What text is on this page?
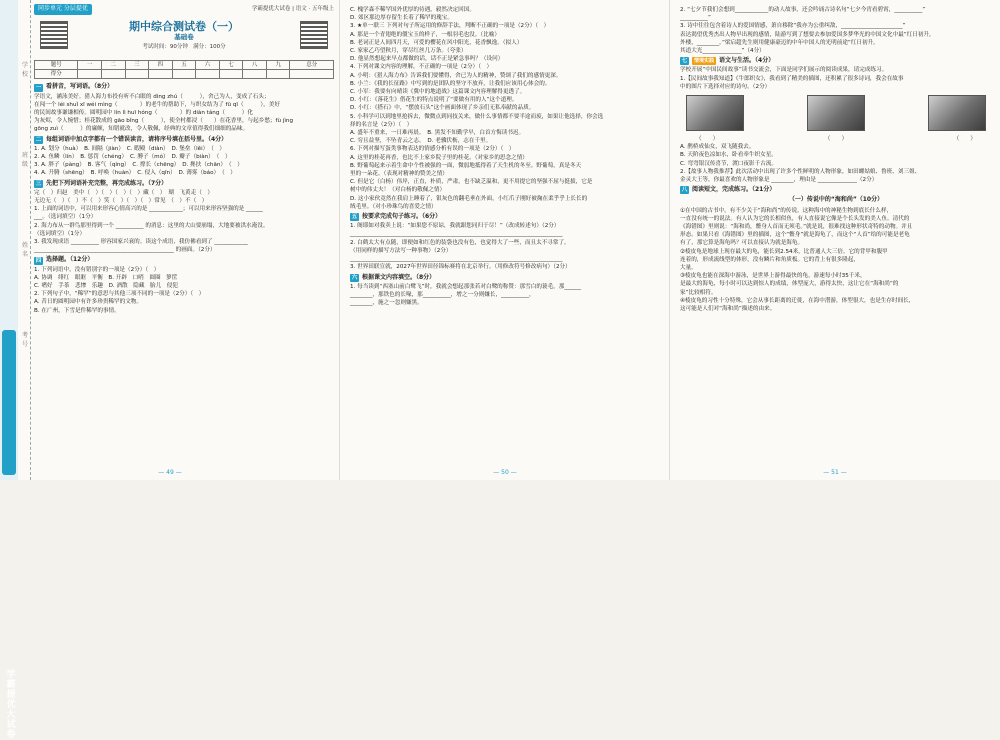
学霸提优大试卷
学校
班级
姓名
考号
同步单元 分层提优	学霸提优大试卷 | 语文 · 五年级上
期中综合测试卷（一）
基础卷
考试时间：90分钟 满分：100分
题号	一	二	三	四	五	六	七	八	九	总分
得分										
一 看拼音，写词语。（8分）
学语文，涵泳美好。猎人海力布投有听不白眼的 dìng zhú（　　　），舍己为人，变成了石头；
在闯一个 léi shuǐ xī wéi mìng（　　　　）的老牛的帮助下，与织女结为了 fū qī（　　　），美好
的民间故事谦谦相传。圆明园中 lín lì huī hóng（　　　　）的 diàn táng（　　　）化
为灰烬，令人惋惜；桂花散成的 gāo bǐng（　　　），使全村都浸（　　）在花香里，与起乡愁；fù jìng
gōng zuì（　　　）的廉颇，知错就改，令人敬佩，经典的文章值得我们细细的品味。
二 每组词语中加点字都有一个错误读音，请将序号填在括号里。（4分）
1. A. 划分（huà）　B. 间隔（jiàn）　C. 暇殿（diàn）　D. 堡垒（lěi）　（　）
2. A. 鱼鳞（lín）　B. 惩罚（chéng）　C. 膊子（mó）　D. 瓣子（biàn）　（　）
3. A. 胖子（pàng）　B. 客气（qíng）　C. 撑长（chēng）　D. 搀扶（chān）　（　）
4. A. 升腾（shēng）　B. 呼唤（huàn）　C. 侵入（qīn）　D. 薄雾（báo）　（　）
三 先把下列词语补充完整，再完成练习。（7分）
完（　）归赵　美中（　）（　）（　）（　）藏（　）　瑚　飞黄走（　）
无边无（　）（　）不（　）笑（　）（　）（　）常见　（　）不（　）
1. 上面的词语中，可以用来形容心情高兴的是 ____________；可以用来形容坚强的是 ______
___。（选词填空）（1分）
2. 海力布从一群鸟那里得到一个 __________ 的消息：这里的大山要崩塌，大地要被洪水淹没。
（选词填空）（1分）
3. 我发现成语 __________ 形容国家兴衰的。读这个成语，我仿佛看到了 ____________
__________________________________________________ 的画面。（2分）
四 选择题。（12分）
1. 下列词语中，没有错别字的一项是（2分）（　）
A. 协调　绯红　眼眶　平衡　B. 开辟　口哨　圆圈　箩筐
C. 嗜好　手茶　悲惨　乐趣　D. 酒散　隐藏　胎儿　侵犯
2. 下列句子中，“稀罕”的意思与其他三项不同的一项是（2分）（　）
A. 昔日的圆明园中有许多珍贵稀罕的文物。
B. 在广州，下雪是件稀罕的事情。
— 49 —
C. 槐学森不稀罕国外优厚的待遇，毅然决定回国。
D. 郊区那边厚存留生长着了稀罕的瑰宝。
3. ★单一联三 下列对句子所运用的修辞手法，判断不正确的一项是（2分）（　）
A. 那是一个青翅绝的僵宝玉的样子，一根羽毛也没。（比喻）
B. 老词正是人间四月天，可爱的樱花在风中阳光，花香飘逸。（拟人）
C. 家家乙巧望秋月，穿尽红丝几万条。（夸张）
D. 他显然想起来早点都做的话，话不正是紧急事吗？（设问）
4. 下列对课文内容的理解，不正确的一项是（2分）（　）
A. 小明：《猎人海力布》告诉我们要懂得，舍已为人的精神，赞颂了我们的感情更深。
B. 小兰：《我的长征路》中写到的是团队的坚守不放弃，让我们应该用心体会的。
C. 小军：我要有向晴读《冀中的地道战》这篇课文内容理解得更透了。
D. 小红：《落花生》借花生的特点说明了“要做有用的人”这个道理。
D. 小红：《搭石》中，“摆放石头”这个画面体现了乡亲们无私奉献的品质。
5. 小科学可以到地里抢拆去，微微点到同技关来，做什么事情都不要半途而废，如果让他选择，你会选
择的名言是（2分）（　）
A. 盛年不重来，一日难再晨。　B. 黑发不知勤学早，白首方悔读书迟。
C. 穷且益坚，不坠青云之志。　D. 老骥伏枥，志在千里。
6. 下列对描写蛋类事物表达的情感分析有误的一项是（2分）（　）
A. 这里的桂花再香，也比不上家乡院子里的桂花。（对家乡的思念之情）
B. 野葡萄起来示着生命中个性被强的一面，微弱地抵得着了天生机的冬至。野葡萄，真是冬天
里的一朵花。（表现对精神的赞美之情）
C. 但是它（白杨）伟岸，正直，朴质，严肃，也不缺乏温和，更不用提它的坚强不屈与挺拔，它是
树中的伟丈夫！（对白杨的敬佩之情）
D. 这小家伙竟然在我肩上睡着了，银灰色的翻毛垂在外面，小红爪子刚好被掬在柔乎乎上长长的
绒毛里。（对小珍珠鸟的喜爱之情）
五 按要求完成句子练习。（6分）
1. 阁耶如对我卖上说：“如果您不原谅，我就跟您同归于尽！”（改成转述句）（2分）
____________________________________________________________________________
2. 白鹤太大有点随，即便如和红色的装袋也没有色，也觉得大了一些，而且太不寻常了。
（用同样的描写方法写一种事物）（2分）
____________________________________________________________________________
3. 世界田联宣就，2027年世界田径锦标赛将在北京举行。（用修改符号修改病句）（2分）
六 根据课文内容填空。（8分）
1. 每当读到“西塞山前白鹭飞”时，我就会想起那张若对白鹭的称赞：那雪白的蓑毛，那______
________，那铁色的长喙，那__________，增之一分则嫌长，__________，
________，施之一忽则嫌黑。
— 50 —
2. “七夕节我们会想到____________的动人故事，还会吟诵古诗名句“七夕今宵看碧霄，__________”
__________”
3. 诗中往往包含着诗人的爱国情感，萧自移除“我亦为公重纠敌，______________________”
表达渴望优秀杰出人物早出现的感情，陆游写到了想要去参加爱国多梦华光的中国文化中最“红日初升，
外楼，________。”梁启超先生则用健康豪迈的中年中国人的光明前途“红日初升，
其道大光______________”（4分）
七	情境实践 语文与生活。（4分）
学校开展“中国民间故事”读书交流会，下面是同学们展示的阅读成果，请完成练习。
1.【民间故事我知道】《牛郎织女》，我看到了精美的插图，还积累了很多诗词，我会在故事
中的图片下选择对应的诗句。（2分）
（　　）	（　　）	（　　）
A. 鹊桥成仙女，双飞随我去。
B. 天阶夜色凉如水，卧看牵牛织女星。
C. 弯弯银汉传喜节，渡口夜影千古流。
2.【故事人物我推荐】此次活动中出现了许多个性鲜明的人物形象，如田螺姑娘、鲁班、刘三姐、
金灵大王等，你最喜欢的人物形象是 ________，理由是 ______________（2分）
八 阅读短文，完成练习。（21分）
（一）传说中的“海和尚”（10分）
①在中国的古书中，有不少关于“海和尚”的传说。这种海中的神秘生物到底长什么样，
一直没有统一的说法。有人认为它的长相似鱼，有人直接说它像是个长头发的美人鱼。清代的
《海错图》里则说：“海和尚，鳖身人首而无须毛。”就是说，很难找这种形状奇特的动物。并且
形态。如果只看《海错图》里的插图，这个“鳖身”就是海龟了，而这个“人首”给的可能是老龟
有了，那它算是海龟吗？可以直接认为就是海龟。
②棱皮龟是地球上现存最大的龟，能长到2.54米，比普通人大三倍。它的背甲和腹甲
连着的，形成流线型的体形，没有鳞片和角质板。它的背上有很多隆起，
大量。
③棱皮龟也能在深海中游泳，是世界上游得最快的龟，游速每小时35千米，
是最大的海龟，每小时可以达到惊人的成绩，体型庞大，游得太快，这让它在“海和尚”的
家”比较相符。
④棱皮龟的习性十分特殊，它会从事长距离的迁徙，在海中潜游，体型很大，也是生存时间长，
这可能是人们对“海和尚”描述的由来。
— 51 —
